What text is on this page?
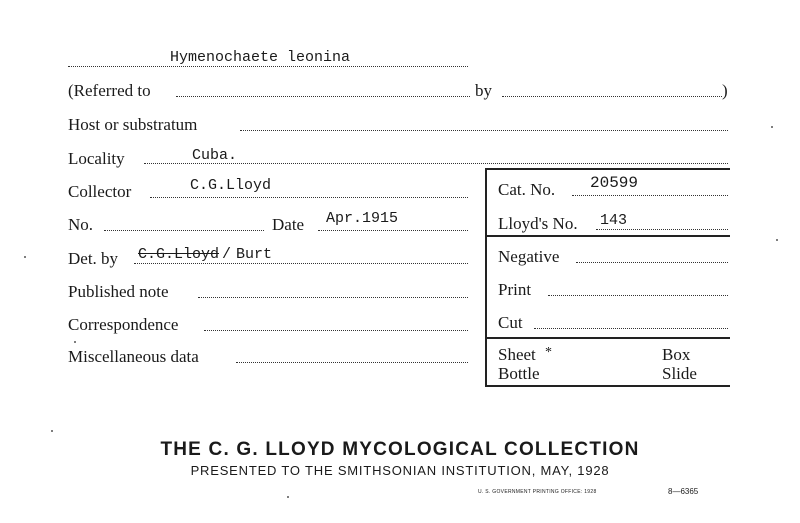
Hymenochaete leonina
(Referred to	by	)
Host or substratum
Locality	Cuba.
Collector	C.G.Lloyd	Cat. No. 20599
No.	Date Apr.1915	Lloyd's No. 143
Det. by C.G.Lloyd / Burt	Negative
Published note	Print
Correspondence	Cut
Miscellaneous data	Sheet *	Box
Bottle	Slide
THE C. G. LLOYD MYCOLOGICAL COLLECTION
PRESENTED TO THE SMITHSONIAN INSTITUTION, MAY, 1928
U. S. GOVERNMENT PRINTING OFFICE: 1928	8—6365
